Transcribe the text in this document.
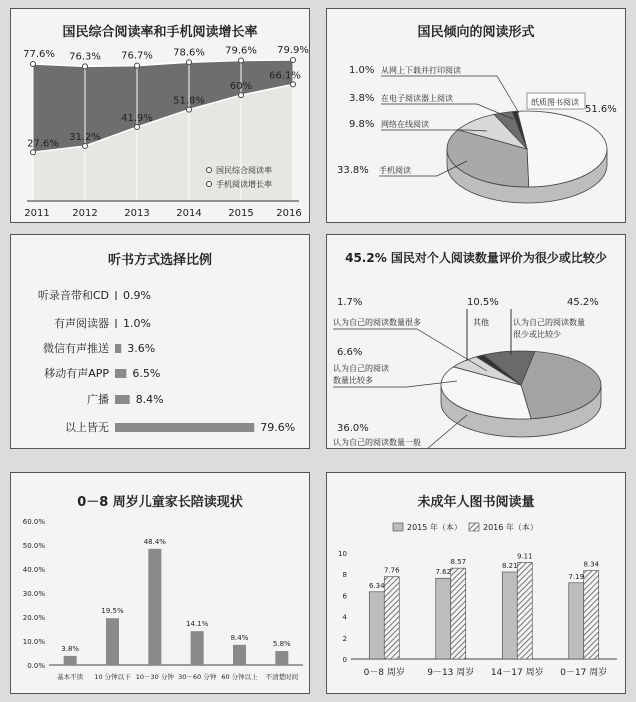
国民综合阅读率和手机阅读增长率
77.6% 76.3% 76.7% 78.6% 79.6% 79.9%
27.6%
31.2%
41.9%
51.8%
60%
66.1%
2011 2012	2013	2014	2015 2016
国民综合阅读率
手机阅读增长率
国民倾向的阅读形式
1.0% 从网上下载并打印阅读
3.8% 在电子阅读器上阅读
9.8% 网络在线阅读
33.8% 手机阅读
纸质图书阅读
51.6%
听书方式选择比例
听录音带和CD 0.9%
有声阅读器 1.0%
微信有声推送 3.6%
移动有声APP 6.5%
广播 8.4%
以上皆无	79.6%
45.2% 国民对个人阅读数量评价为很少或比较少
1.7%
认为自己的阅读数量很多
6.6%
认为自己的阅读
数量比较多
36.0%
认为自己的阅读数量一般
10.5%
其他
45.2%
认为自己的阅读数量
很少或比较少
0－8 周岁儿童家长陪读现状
0.0%
10.0%
20.0%
30.0%
40.0%
50.0%
60.0%
3.8%
基本不读
19.5%
10 分钟以下
48.4%
10－30 分钟
14.1%
30－60 分钟
8.4%
60 分钟以上
5.8%
不清楚时间
未成年人图书阅读量
0
2
4
6
8
10
2015 年（本）	2016 年（本）
6.34
7.76
0－8 周岁
7.62
8.57
9－13 周岁
8.21
9.11
14－17 周岁
7.19
8.34
0－17 周岁
